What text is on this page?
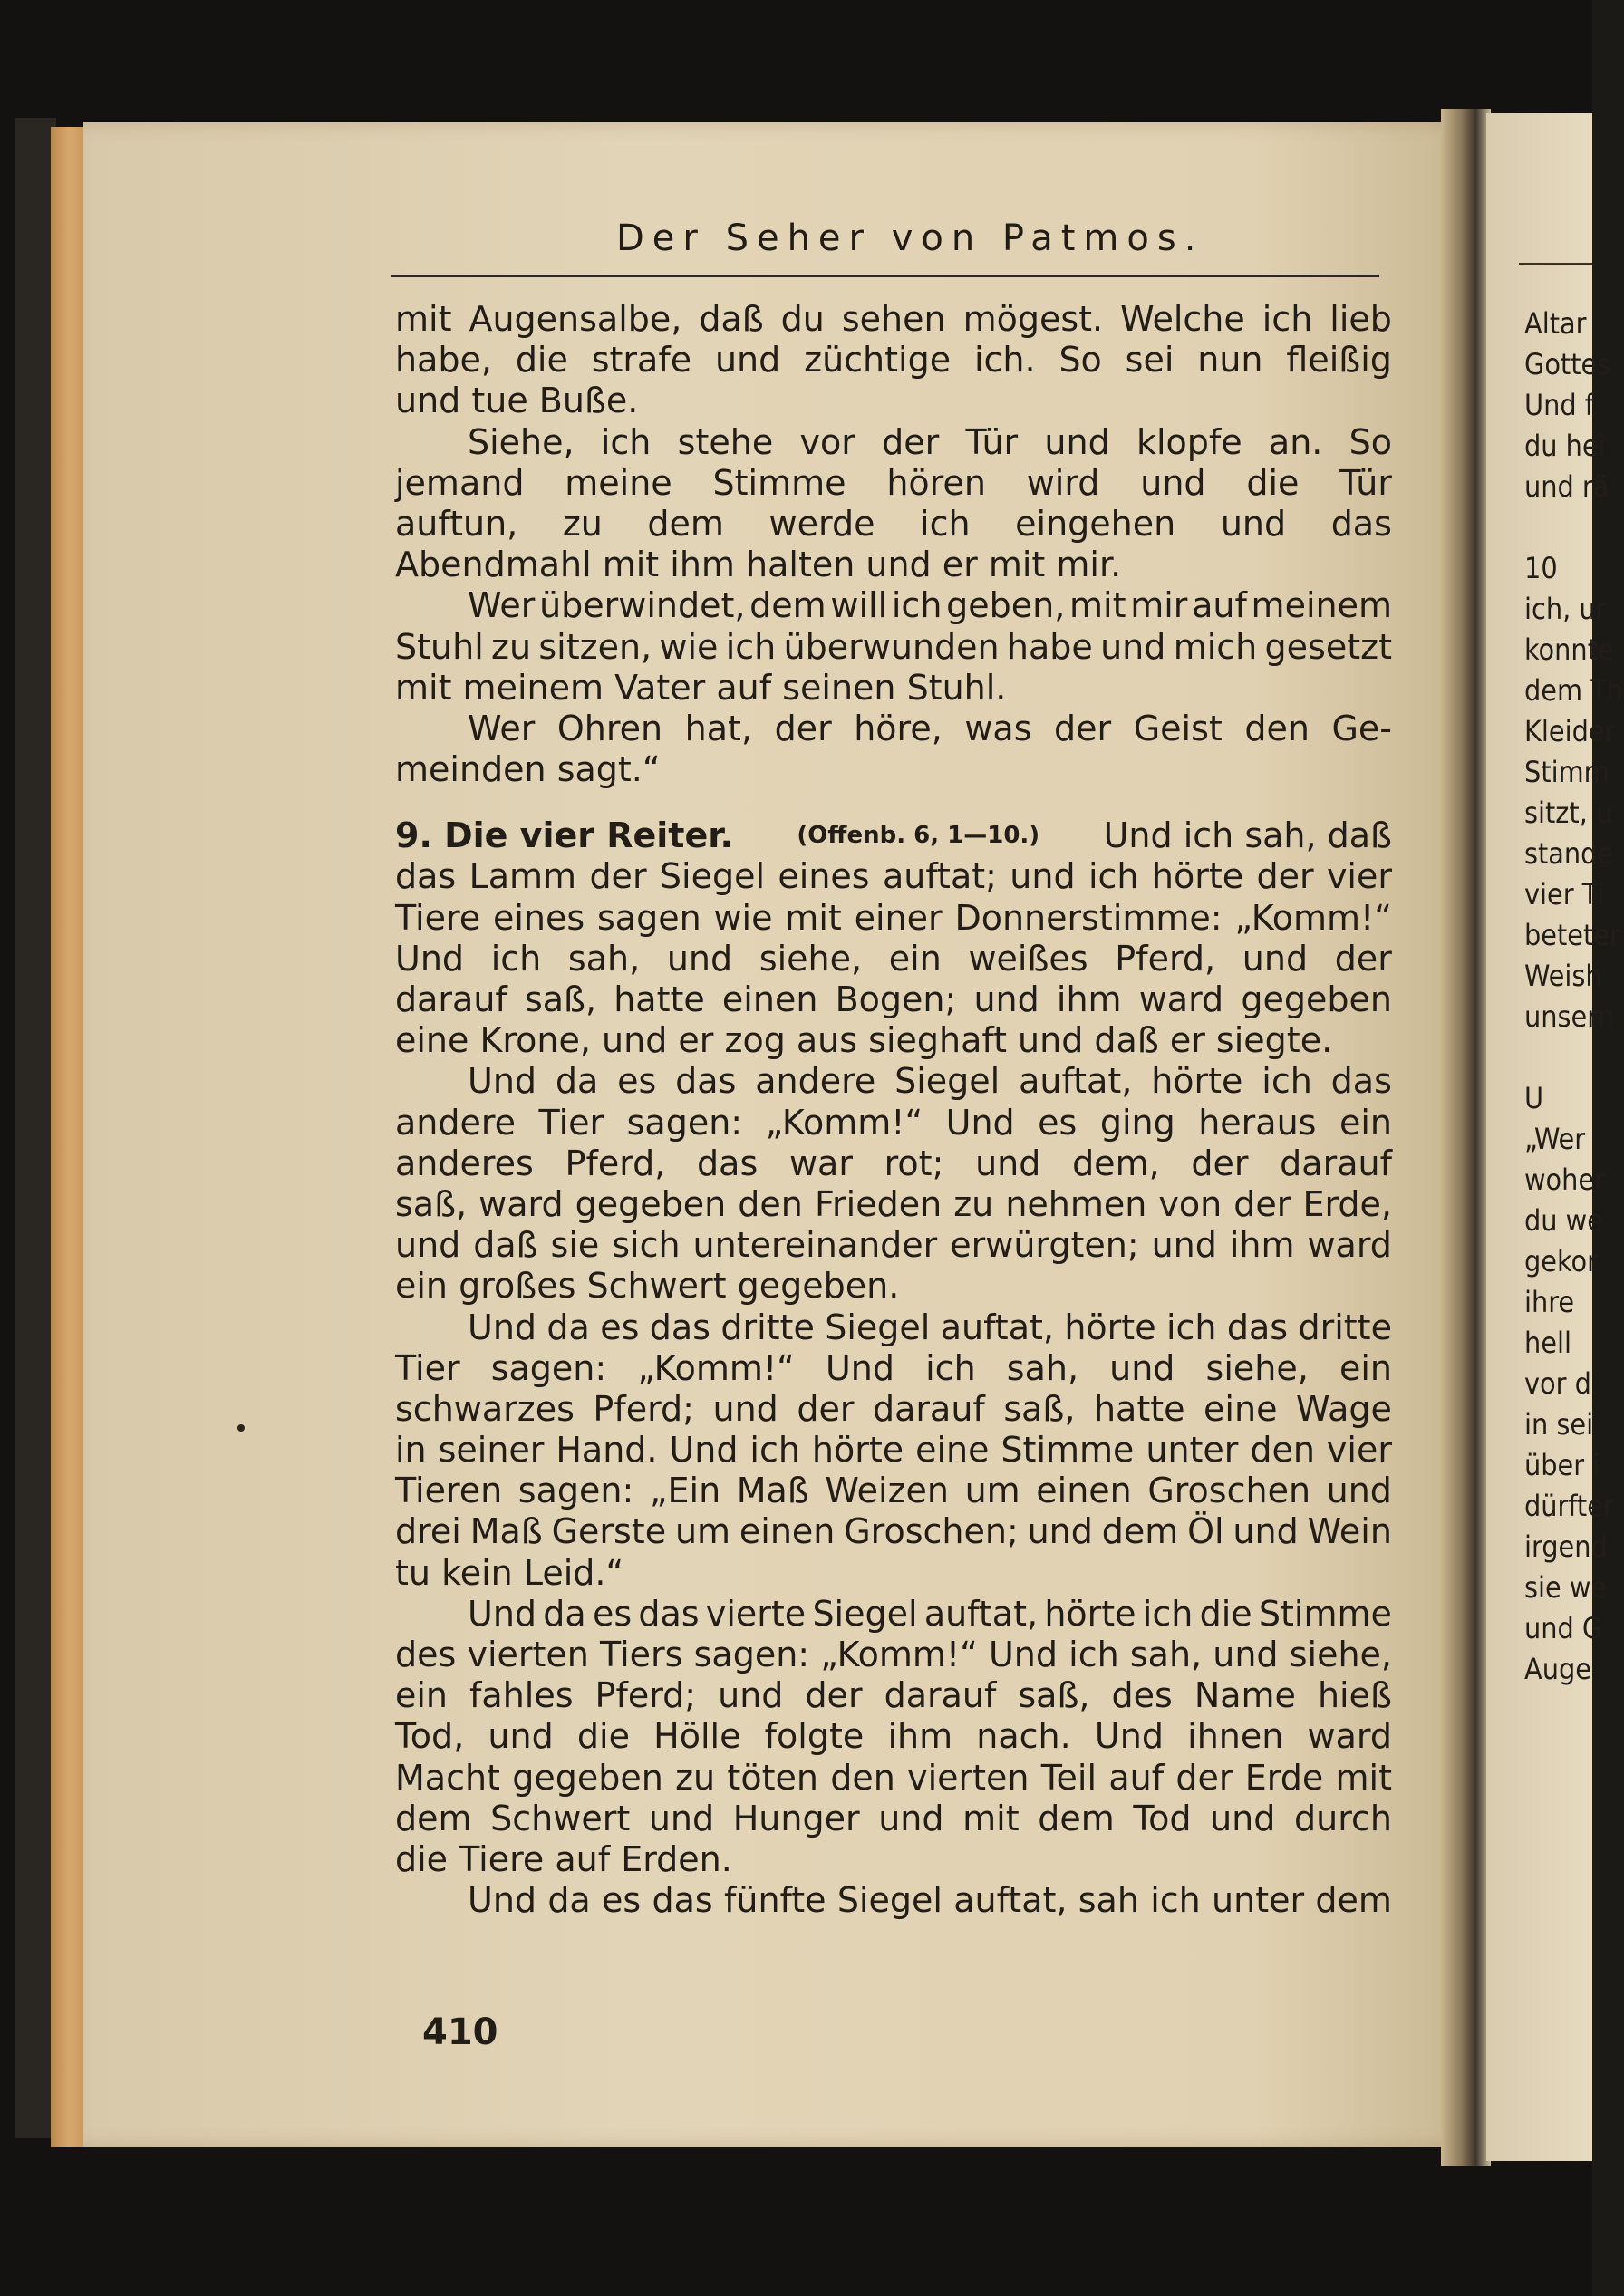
Altar
Gottes
Und f
du hei
und rä
10
ich, ur
konnte
dem Th
Kleider
Stimm
sitzt, u
stande
vier Ti
beteter
Weish
unsern
U
„Wer
woher
du we
gekor
ihre
hell
vor d
in sei
über i
dürfter
irgend
sie we
und G
Auge
Der Seher von Patmos.
mit Augensalbe, daß du sehen mögest. Welche ich lieb
habe, die strafe und züchtige ich. So sei nun fleißig
und tue Buße.
Siehe, ich stehe vor der Tür und klopfe an. So
jemand meine Stimme hören wird und die Tür
auftun, zu dem werde ich eingehen und das
Abendmahl mit ihm halten und er mit mir.
Wer überwindet, dem will ich geben, mit mir auf meinem
Stuhl zu sitzen, wie ich überwunden habe und mich gesetzt
mit meinem Vater auf seinen Stuhl.
Wer Ohren hat, der höre, was der Geist den Ge-
meinden sagt.“
9. Die vier Reiter.	(Offenb. 6, 1—10.) Und ich sah, daß
das Lamm der Siegel eines auftat; und ich hörte der vier
Tiere eines sagen wie mit einer Donnerstimme: „Komm!“
Und ich sah, und siehe, ein weißes Pferd, und der
darauf saß, hatte einen Bogen; und ihm ward gegeben
eine Krone, und er zog aus sieghaft und daß er siegte.
Und da es das andere Siegel auftat, hörte ich das
andere Tier sagen: „Komm!“ Und es ging heraus ein
anderes Pferd, das war rot; und dem, der darauf
saß, ward gegeben den Frieden zu nehmen von der Erde,
und daß sie sich untereinander erwürgten; und ihm ward
ein großes Schwert gegeben.
Und da es das dritte Siegel auftat, hörte ich das dritte
Tier sagen: „Komm!“ Und ich sah, und siehe, ein
schwarzes Pferd; und der darauf saß, hatte eine Wage
in seiner Hand. Und ich hörte eine Stimme unter den vier
Tieren sagen: „Ein Maß Weizen um einen Groschen und
drei Maß Gerste um einen Groschen; und dem Öl und Wein
tu kein Leid.“
Und da es das vierte Siegel auftat, hörte ich die Stimme
des vierten Tiers sagen: „Komm!“ Und ich sah, und siehe,
ein fahles Pferd; und der darauf saß, des Name hieß
Tod, und die Hölle folgte ihm nach. Und ihnen ward
Macht gegeben zu töten den vierten Teil auf der Erde mit
dem Schwert und Hunger und mit dem Tod und durch
die Tiere auf Erden.
Und da es das fünfte Siegel auftat, sah ich unter dem
410
